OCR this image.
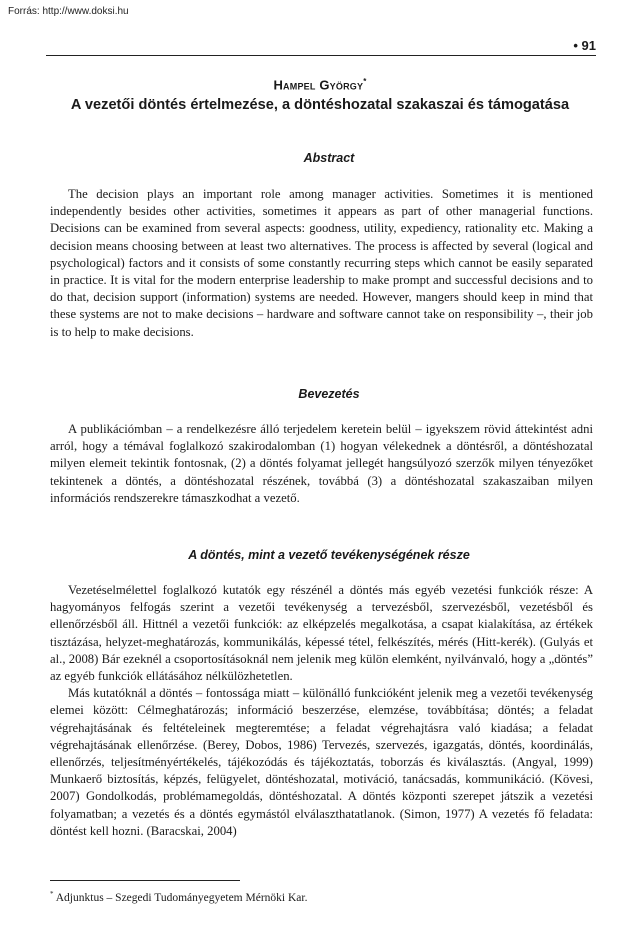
Forrás: http://www.doksi.hu
• 91
Hampel György*
A vezetői döntés értelmezése, a döntéshozatal szakaszai és támogatása
Abstract

The decision plays an important role among manager activities. Sometimes it is mentioned independently besides other activities, sometimes it appears as part of other managerial functions. Decisions can be examined from several aspects: goodness, utility, expediency, rationality etc. Making a decision means choosing between at least two alternatives. The process is affected by several (logical and psychological) factors and it consists of some constantly recurring steps which cannot be easily separated in practice. It is vital for the modern enterprise leadership to make prompt and successful decisions and to do that, decision support (information) systems are needed. However, mangers should keep in mind that these systems are not to make decisions – hardware and software cannot take on responsibility –, their job is to help to make decisions.

Bevezetés

A publikációmban – a rendelkezésre álló terjedelem keretein belül – igyekszem rövid áttekintést adni arról, hogy a témával foglalkozó szakirodalomban (1) hogyan vélekednek a döntésről, a döntéshozatal milyen elemeit tekintik fontosnak, (2) a döntés folyamat jellegét hangsúlyozó szerzők milyen tényezőket tekintenek a döntés, a döntéshozatal részének, továbbá (3) a döntéshozatal szakaszaiban milyen információs rendszerekre támaszkodhat a vezető.

A döntés, mint a vezető tevékenységének része

Vezetéselmélettel foglalkozó kutatók egy részénél a döntés más egyéb vezetési funkciók része: A hagyományos felfogás szerint a vezetői tevékenység a tervezésből, szervezésből, vezetésből és ellenőrzésből áll. Hittnél a vezetői funkciók: az elképzelés megalkotása, a csapat kialakítása, az értékek tisztázása, helyzet-meghatározás, kommunikálás, képessé tétel, felkészítés, mérés (Hitt-kerék). (Gulyás et al., 2008) Bár ezeknél a csoportosításoknál nem jelenik meg külön elemként, nyilvánvaló, hogy a „döntés” az egyéb funkciók ellátásához nélkülözhetetlen.

Más kutatóknál a döntés – fontossága miatt – különálló funkcióként jelenik meg a vezetői tevékenység elemei között: Célmeghatározás; információ beszerzése, elemzése, továbbítása; döntés; a feladat végrehajtásának és feltételeinek megteremtése; a feladat végrehajtásra való kiadása; a feladat végrehajtásának ellenőrzése. (Berey, Dobos, 1986) Tervezés, szervezés, igazgatás, döntés, koordinálás, ellenőrzés, teljesítményértékelés, tájékozódás és tájékoztatás, toborzás és kiválasztás. (Angyal, 1999) Munkaerő biztosítás, képzés, felügyelet, döntéshozatal, motiváció, tanácsadás, kommunikáció. (Kövesi, 2007) Gondolkodás, problémamegoldás, döntéshozatal. A döntés központi szerepet játszik a vezetési folyamatban; a vezetés és a döntés egymástól elválaszthatatlanok. (Simon, 1977) A vezetés fő feladata: döntést kell hozni. (Baracskai, 2004)

* Adjunktus – Szegedi Tudományegyetem Mérnöki Kar.
